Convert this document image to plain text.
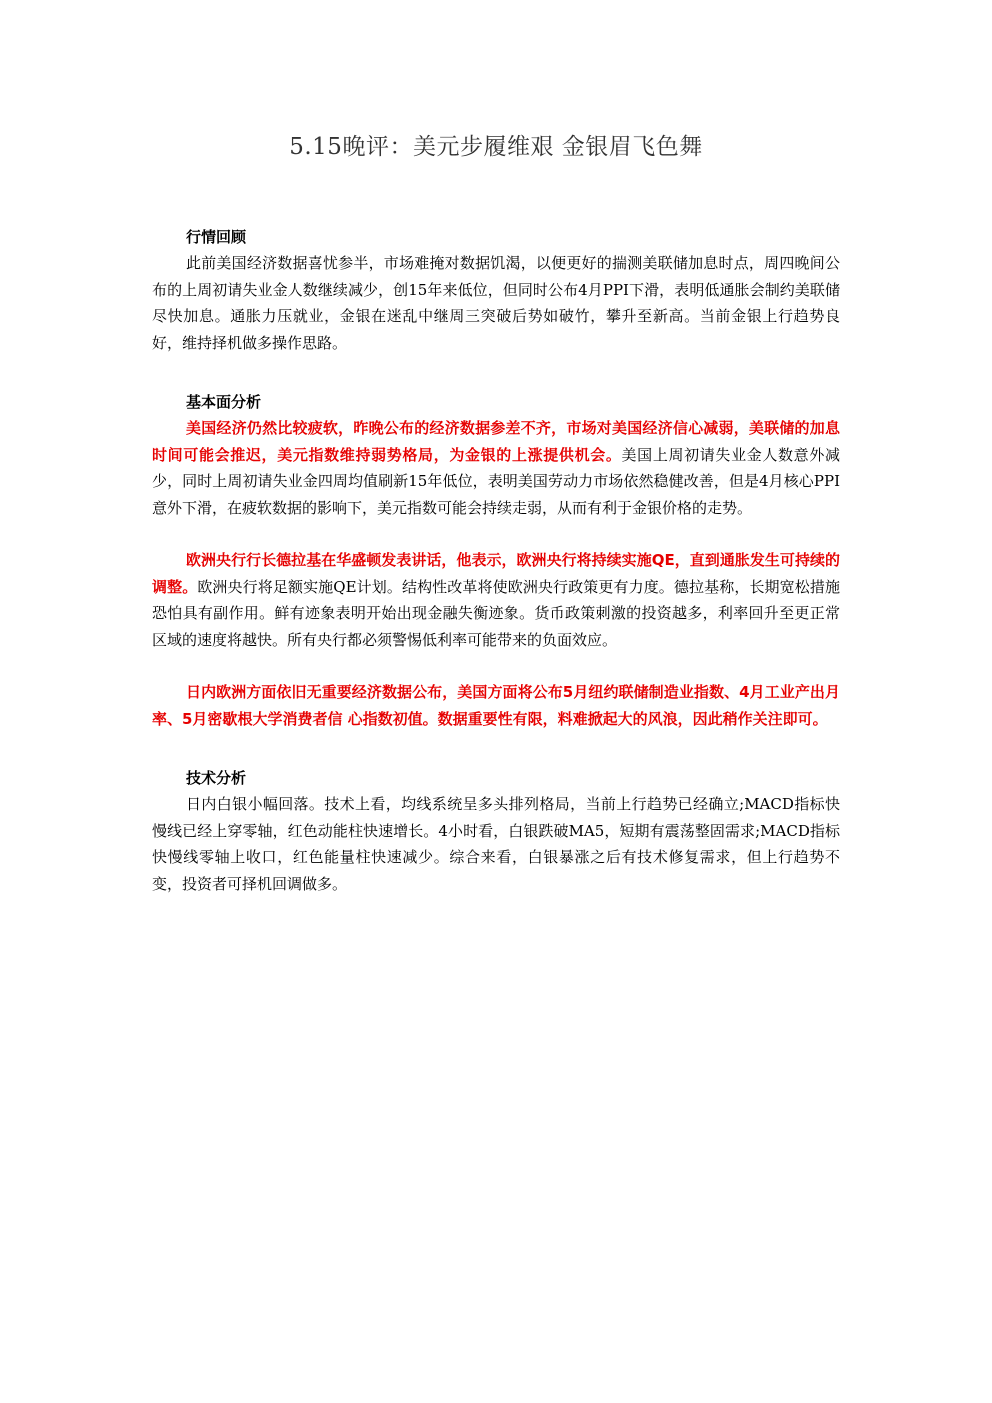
5.15晚评：美元步履维艰 金银眉飞色舞
行情回顾

此前美国经济数据喜忧参半，市场难掩对数据饥渴，以便更好的揣测美联储加息时点，周四晚间公布的上周初请失业金人数继续减少，创15年来低位，但同时公布4月PPI下滑，表明低通胀会制约美联储尽快加息。通胀力压就业，金银在迷乱中继周三突破后势如破竹，攀升至新高。当前金银上行趋势良好，维持择机做多操作思路。

基本面分析

美国经济仍然比较疲软，昨晚公布的经济数据参差不齐，市场对美国经济信心减弱，美联储的加息时间可能会推迟，美元指数维持弱势格局，为金银的上涨提供机会。美国上周初请失业金人数意外减少，同时上周初请失业金四周均值刷新15年低位，表明美国劳动力市场依然稳健改善，但是4月核心PPI意外下滑，在疲软数据的影响下，美元指数可能会持续走弱，从而有利于金银价格的走势。

欧洲央行行长德拉基在华盛顿发表讲话，他表示，欧洲央行将持续实施QE，直到通胀发生可持续的调整。欧洲央行将足额实施QE计划。结构性改革将使欧洲央行政策更有力度。德拉基称，长期宽松措施恐怕具有副作用。鲜有迹象表明开始出现金融失衡迹象。货币政策刺激的投资越多，利率回升至更正常区域的速度将越快。所有央行都必须警惕低利率可能带来的负面效应。

日内欧洲方面依旧无重要经济数据公布，美国方面将公布5月纽约联储制造业指数、4月工业产出月率、5月密歇根大学消费者信 心指数初值。数据重要性有限，料难掀起大的风浪，因此稍作关注即可。

技术分析

日内白银小幅回落。技术上看，均线系统呈多头排列格局，当前上行趋势已经确立;MACD指标快慢线已经上穿零轴，红色动能柱快速增长。4小时看，白银跌破MA5，短期有震荡整固需求;MACD指标快慢线零轴上收口，红色能量柱快速减少。综合来看，白银暴涨之后有技术修复需求，但上行趋势不变，投资者可择机回调做多。
